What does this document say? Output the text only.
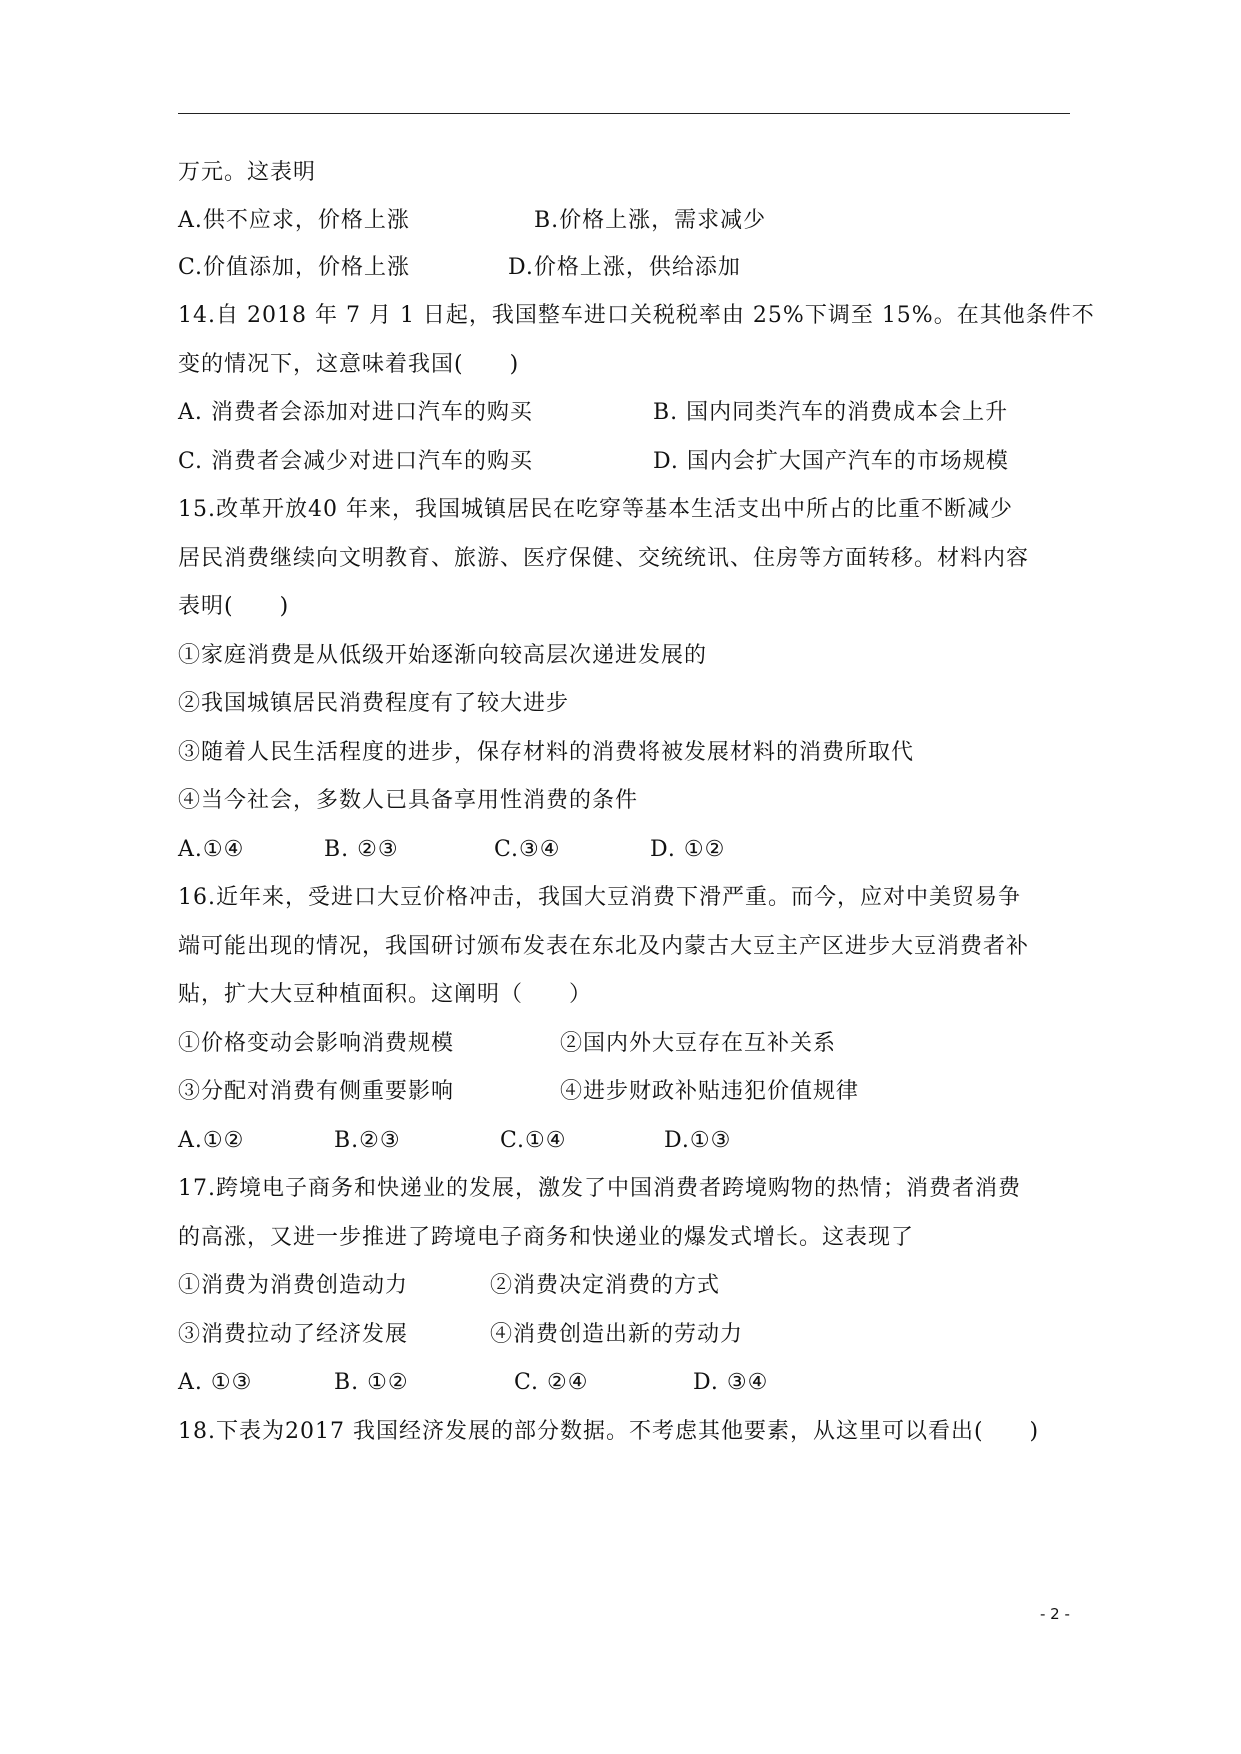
万元。这表明
A.供不应求，价格上涨	B.价格上涨，需求减少
C.价值添加，价格上涨	D.价格上涨，供给添加
14.自 2018 年 7 月 1 日起，我国整车进口关税税率由 25%下调至 15%。在其他条件不
变的情况下，这意味着我国(　　)
A. 消费者会添加对进口汽车的购买	B. 国内同类汽车的消费成本会上升
C. 消费者会减少对进口汽车的购买	D. 国内会扩大国产汽车的市场规模
15.改革开放40 年来，我国城镇居民在吃穿等基本生活支出中所占的比重不断减少
居民消费继续向文明教育、旅游、医疗保健、交统统讯、住房等方面转移。材料内容
表明(　　)
①家庭消费是从低级开始逐渐向较高层次递进发展的
②我国城镇居民消费程度有了较大进步
③随着人民生活程度的进步，保存材料的消费将被发展材料的消费所取代
④当今社会，多数人已具备享用性消费的条件
A.①④	B. ②③	C.③④	D. ①②
16.近年来，受进口大豆价格冲击，我国大豆消费下滑严重。而今，应对中美贸易争
端可能出现的情况，我国研讨颁布发表在东北及内蒙古大豆主产区进步大豆消费者补
贴，扩大大豆种植面积。这阐明（　　）
①价格变动会影响消费规模	②国内外大豆存在互补关系
③分配对消费有侧重要影响	④进步财政补贴违犯价值规律
A.①②	B.②③	C.①④	D.①③
17.跨境电子商务和快递业的发展，激发了中国消费者跨境购物的热情；消费者消费
的高涨，又进一步推进了跨境电子商务和快递业的爆发式增长。这表现了
①消费为消费创造动力	②消费决定消费的方式
③消费拉动了经济发展	④消费创造出新的劳动力
A. ①③	B. ①②	C. ②④	D. ③④
18.下表为2017 我国经济发展的部分数据。不考虑其他要素，从这里可以看出(　　)
- 2 -
